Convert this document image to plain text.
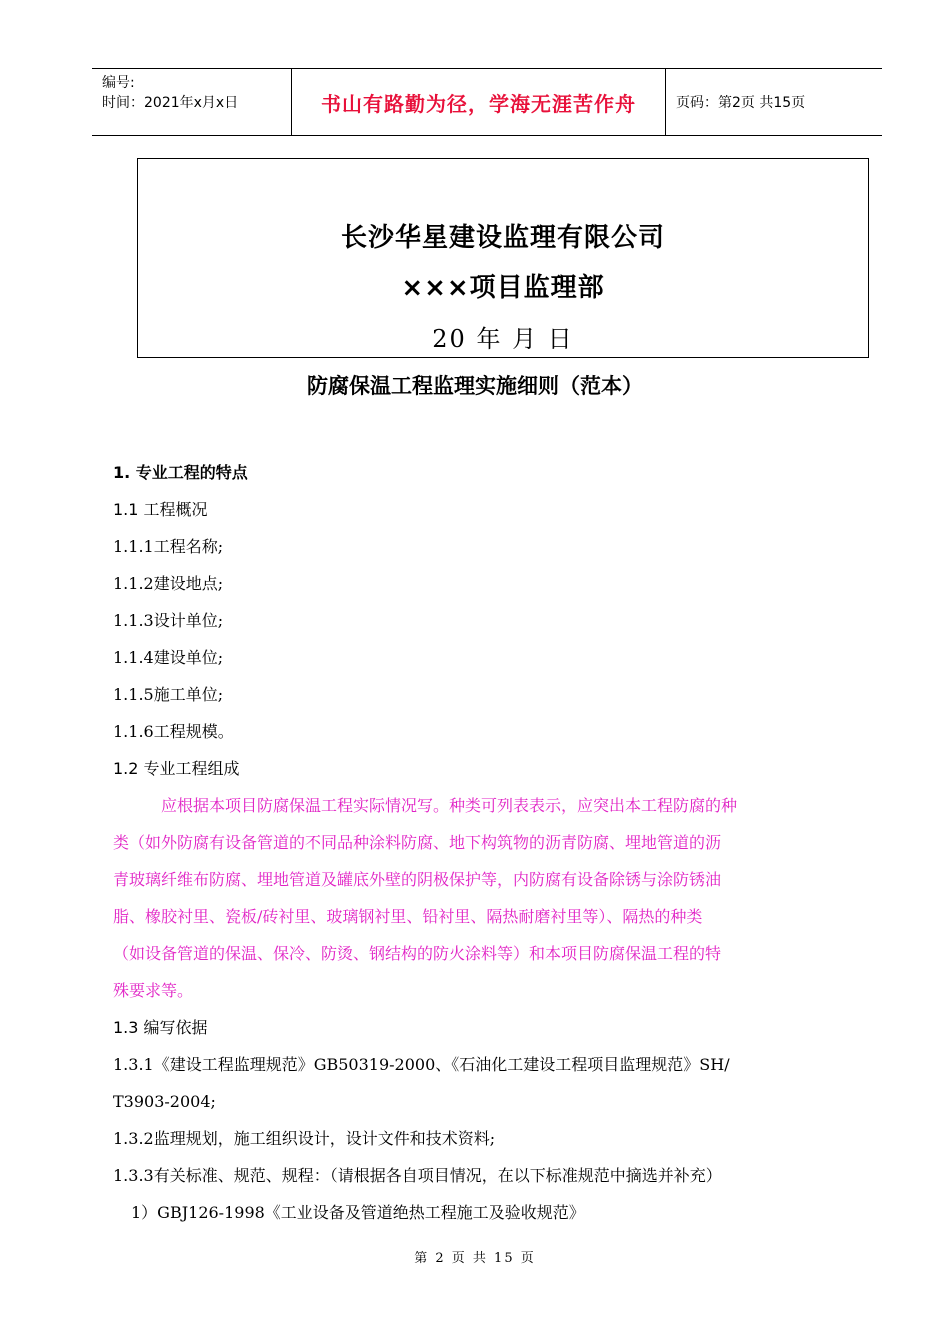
编号:
时间：2021年x月x日	书山有路勤为径，学海无涯苦作舟	页码：第2页 共15页
长沙华星建设监理有限公司
×××项目监理部
20 年 月 日
防腐保温工程监理实施细则（范本）
1. 专业工程的特点
1.1 工程概况
1.1.1工程名称;
1.1.2建设地点;
1.1.3设计单位;
1.1.4建设单位;
1.1.5施工单位;
1.1.6工程规模。
1.2 专业工程组成
应根据本项目防腐保温工程实际情况写。种类可列表表示，应突出本工程防腐的种
类（如外防腐有设备管道的不同品种涂料防腐、地下构筑物的沥青防腐、埋地管道的沥
青玻璃纤维布防腐、埋地管道及罐底外壁的阴极保护等，内防腐有设备除锈与涂防锈油
脂、橡胶衬里、瓷板/砖衬里、玻璃钢衬里、铅衬里、隔热耐磨衬里等）、隔热的种类
（如设备管道的保温、保冷、防烫、钢结构的防火涂料等）和本项目防腐保温工程的特
殊要求等。
1.3 编写依据
1.3.1《建设工程监理规范》GB50319-2000、《石油化工建设工程项目监理规范》SH/
T3903-2004;
1.3.2监理规划，施工组织设计，设计文件和技术资料;
1.3.3有关标准、规范、规程：（请根据各自项目情况，在以下标准规范中摘选并补充）
1）GBJ126-1998《工业设备及管道绝热工程施工及验收规范》
第 2 页 共 15 页
